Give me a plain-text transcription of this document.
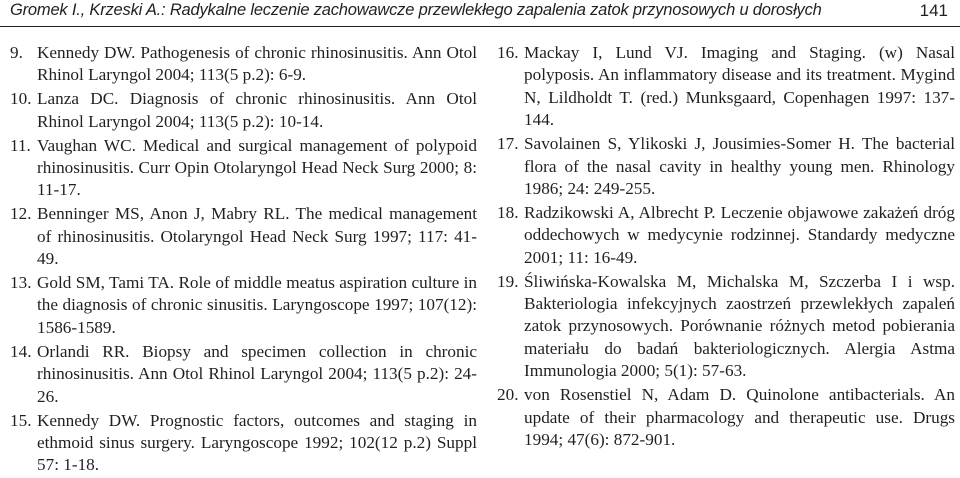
Gromek I., Krzeski A.: Radykalne leczenie zachowawcze przewlekłego zapalenia zatok przynosowych u dorosłych	141
9. Kennedy DW. Pathogenesis of chronic rhinosinusitis. Ann Otol Rhinol Laryngol 2004; 113(5 p.2): 6-9.
10. Lanza DC. Diagnosis of chronic rhinosinusitis. Ann Otol Rhinol Laryngol 2004; 113(5 p.2): 10-14.
11. Vaughan WC. Medical and surgical management of polypoid rhinosinusitis. Curr Opin Otolaryngol Head Neck Surg 2000; 8: 11-17.
12. Benninger MS, Anon J, Mabry RL. The medical management of rhinosinusitis. Otolaryngol Head Neck Surg 1997; 117: 41-49.
13. Gold SM, Tami TA. Role of middle meatus aspiration culture in the diagnosis of chronic sinusitis. Laryngoscope 1997; 107(12): 1586-1589.
14. Orlandi RR. Biopsy and specimen collection in chronic rhinosinusitis. Ann Otol Rhinol Laryngol 2004; 113(5 p.2): 24-26.
15. Kennedy DW. Prognostic factors, outcomes and staging in ethmoid sinus surgery. Laryngoscope 1992; 102(12 p.2) Suppl 57: 1-18.
16. Mackay I, Lund VJ. Imaging and Staging. (w) Nasal polyposis. An inflammatory disease and its treatment. Mygind N, Lildholdt T. (red.) Munksgaard, Copenhagen 1997: 137-144.
17. Savolainen S, Ylikoski J, Jousimies-Somer H. The bacterial flora of the nasal cavity in healthy young men. Rhinology 1986; 24: 249-255.
18. Radzikowski A, Albrecht P. Leczenie objawowe zakażeń dróg oddechowych w medycynie rodzinnej. Standardy medyczne 2001; 11: 16-49.
19. Śliwińska-Kowalska M, Michalska M, Szczerba I i wsp. Bakteriologia infekcyjnych zaostrzeń przewlekłych zapaleń zatok przynosowych. Porównanie różnych metod pobierania materiału do badań bakteriologicznych. Alergia Astma Immunologia 2000; 5(1): 57-63.
20. von Rosenstiel N, Adam D. Quinolone antibacterials. An update of their pharmacology and therapeutic use. Drugs 1994; 47(6): 872-901.
